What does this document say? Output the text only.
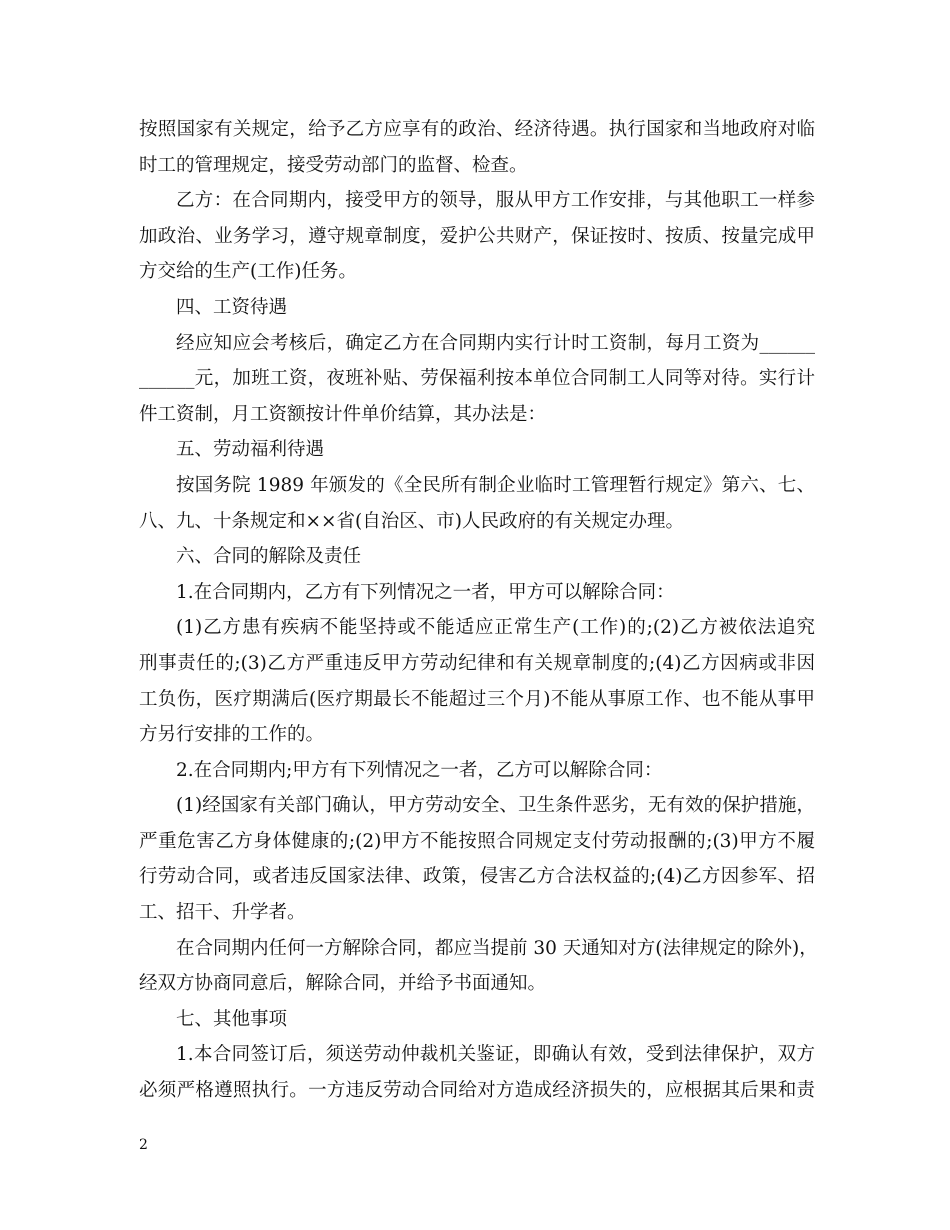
按照国家有关规定，给予乙方应享有的政治、经济待遇。执行国家和当地政府对临
时工的管理规定，接受劳动部门的监督、检查。
乙方：在合同期内，接受甲方的领导，服从甲方工作安排，与其他职工一样参
加政治、业务学习，遵守规章制度，爱护公共财产，保证按时、按质、按量完成甲
方交给的生产(工作)任务。
四、工资待遇
经应知应会考核后，确定乙方在合同期内实行计时工资制，每月工资为______
______元，加班工资，夜班补贴、劳保福利按本单位合同制工人同等对待。实行计
件工资制，月工资额按计件单价结算，其办法是：
五、劳动福利待遇
按国务院 1989 年颁发的《全民所有制企业临时工管理暂行规定》第六、七、
八、九、十条规定和××省(自治区、市)人民政府的有关规定办理。
六、合同的解除及责任
1.在合同期内，乙方有下列情况之一者，甲方可以解除合同：
(1)乙方患有疾病不能坚持或不能适应正常生产(工作)的;(2)乙方被依法追究
刑事责任的;(3)乙方严重违反甲方劳动纪律和有关规章制度的;(4)乙方因病或非因
工负伤，医疗期满后(医疗期最长不能超过三个月)不能从事原工作、也不能从事甲
方另行安排的工作的。
2.在合同期内;甲方有下列情况之一者，乙方可以解除合同：
(1)经国家有关部门确认，甲方劳动安全、卫生条件恶劣，无有效的保护措施，
严重危害乙方身体健康的;(2)甲方不能按照合同规定支付劳动报酬的;(3)甲方不履
行劳动合同，或者违反国家法律、政策，侵害乙方合法权益的;(4)乙方因参军、招
工、招干、升学者。
在合同期内任何一方解除合同，都应当提前 30 天通知对方(法律规定的除外)，
经双方协商同意后，解除合同，并给予书面通知。
七、其他事项
1.本合同签订后，须送劳动仲裁机关鉴证，即确认有效，受到法律保护，双方
必须严格遵照执行。一方违反劳动合同给对方造成经济损失的，应根据其后果和责
2
